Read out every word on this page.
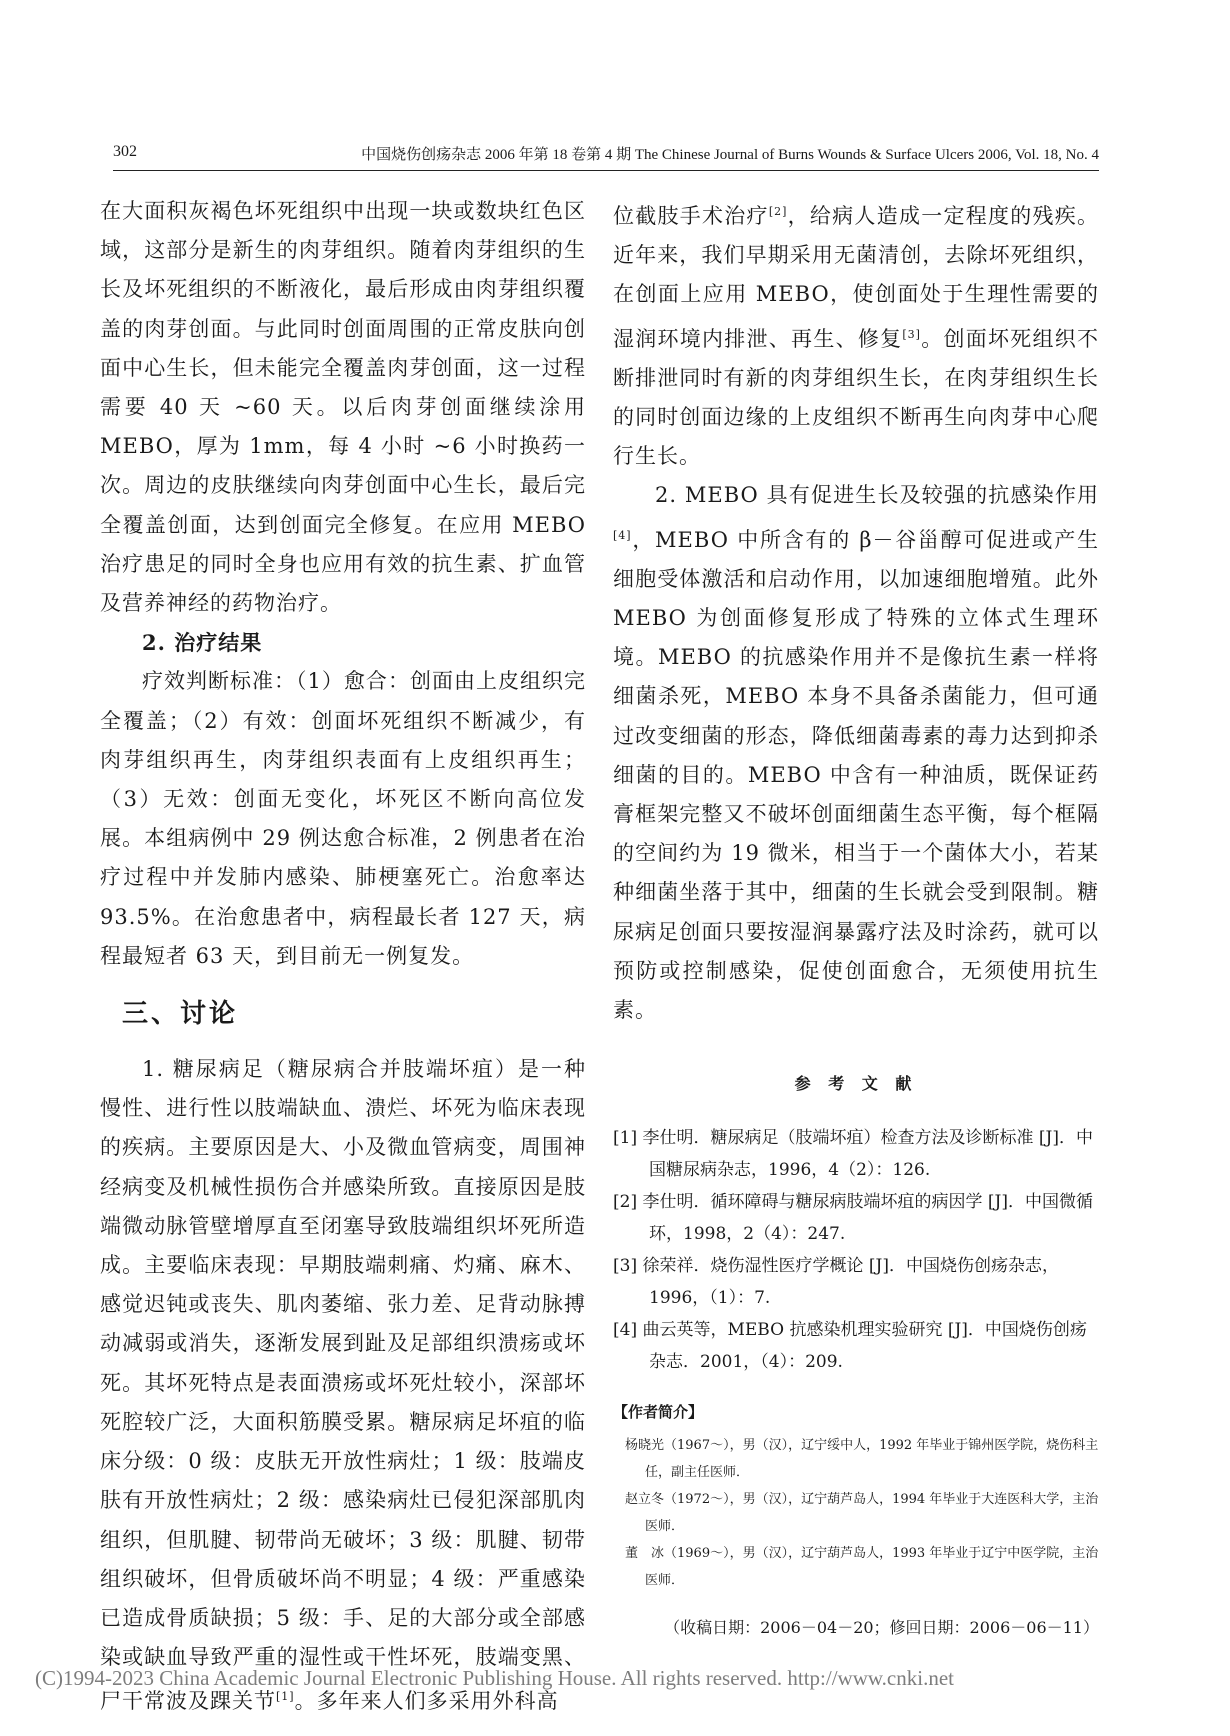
302	中国烧伤创疡杂志 2006 年第 18 卷第 4 期 The Chinese Journal of Burns Wounds & Surface Ulcers 2006, Vol. 18, No. 4

在大面积灰褐色坏死组织中出现一块或数块红色区域，这部分是新生的肉芽组织。随着肉芽组织的生长及坏死组织的不断液化，最后形成由肉芽组织覆盖的肉芽创面。与此同时创面周围的正常皮肤向创面中心生长，但未能完全覆盖肉芽创面，这一过程需要 40 天 ~60 天。以后肉芽创面继续涂用 MEBO，厚为 1mm，每 4 小时 ~6 小时换药一次。周边的皮肤继续向肉芽创面中心生长，最后完全覆盖创面，达到创面完全修复。在应用 MEBO 治疗患足的同时全身也应用有效的抗生素、扩血管及营养神经的药物治疗。

2. 治疗结果

疗效判断标准：（1）愈合：创面由上皮组织完全覆盖；（2）有效：创面坏死组织不断减少，有肉芽组织再生，肉芽组织表面有上皮组织再生；（3）无效：创面无变化，坏死区不断向高位发展。本组病例中 29 例达愈合标准，2 例患者在治疗过程中并发肺内感染、肺梗塞死亡。治愈率达 93.5%。在治愈患者中，病程最长者 127 天，病程最短者 63 天，到目前无一例复发。

三、讨论

1. 糖尿病足（糖尿病合并肢端坏疽）是一种慢性、进行性以肢端缺血、溃烂、坏死为临床表现的疾病。主要原因是大、小及微血管病变，周围神经病变及机械性损伤合并感染所致。直接原因是肢端微动脉管壁增厚直至闭塞导致肢端组织坏死所造成。主要临床表现：早期肢端刺痛、灼痛、麻木、感觉迟钝或丧失、肌肉萎缩、张力差、足背动脉搏动减弱或消失，逐渐发展到趾及足部组织溃疡或坏死。其坏死特点是表面溃疡或坏死灶较小，深部坏死腔较广泛，大面积筋膜受累。糖尿病足坏疽的临床分级：0 级：皮肤无开放性病灶；1 级：肢端皮肤有开放性病灶；2 级：感染病灶已侵犯深部肌肉组织，但肌腱、韧带尚无破坏；3 级：肌腱、韧带组织破坏，但骨质破坏尚不明显；4 级：严重感染已造成骨质缺损；5 级：手、足的大部分或全部感染或缺血导致严重的湿性或干性坏死，肢端变黑、尸干常波及踝关节[1]。多年来人们多采用外科高

位截肢手术治疗[2]，给病人造成一定程度的残疾。近年来，我们早期采用无菌清创，去除坏死组织，在创面上应用 MEBO，使创面处于生理性需要的湿润环境内排泄、再生、修复[3]。创面坏死组织不断排泄同时有新的肉芽组织生长，在肉芽组织生长的同时创面边缘的上皮组织不断再生向肉芽中心爬行生长。

2. MEBO 具有促进生长及较强的抗感染作用[4]，MEBO 中所含有的 β－谷甾醇可促进或产生细胞受体激活和启动作用，以加速细胞增殖。此外 MEBO 为创面修复形成了特殊的立体式生理环境。MEBO 的抗感染作用并不是像抗生素一样将细菌杀死，MEBO 本身不具备杀菌能力，但可通过改变细菌的形态，降低细菌毒素的毒力达到抑杀细菌的目的。MEBO 中含有一种油质，既保证药膏框架完整又不破坏创面细菌生态平衡，每个框隔的空间约为 19 微米，相当于一个菌体大小，若某种细菌坐落于其中，细菌的生长就会受到限制。糖尿病足创面只要按湿润暴露疗法及时涂药，就可以预防或控制感染，促使创面愈合，无须使用抗生素。

参 考 文 献

[1] 李仕明．糖尿病足（肢端坏疽）检查方法及诊断标准 [J]．中国糖尿病杂志，1996，4（2）：126.

[2] 李仕明．循环障碍与糖尿病肢端坏疽的病因学 [J]．中国微循环，1998，2（4）：247.

[3] 徐荣祥．烧伤湿性医疗学概论 [J]．中国烧伤创疡杂志，1996，（1）：7.

[4] 曲云英等，MEBO 抗感染机理实验研究 [J]．中国烧伤创疡杂志．2001，（4）：209.

【作者简介】

杨晓光（1967～），男（汉），辽宁绥中人，1992 年毕业于锦州医学院，烧伤科主任，副主任医师．

赵立冬（1972～），男（汉），辽宁葫芦岛人，1994 年毕业于大连医科大学，主治医师．

董　冰（1969～），男（汉），辽宁葫芦岛人，1993 年毕业于辽宁中医学院，主治医师．

（收稿日期：2006－04－20；修回日期：2006－06－11）

(C)1994-2023 China Academic Journal Electronic Publishing House. All rights reserved. http://www.cnki.net
